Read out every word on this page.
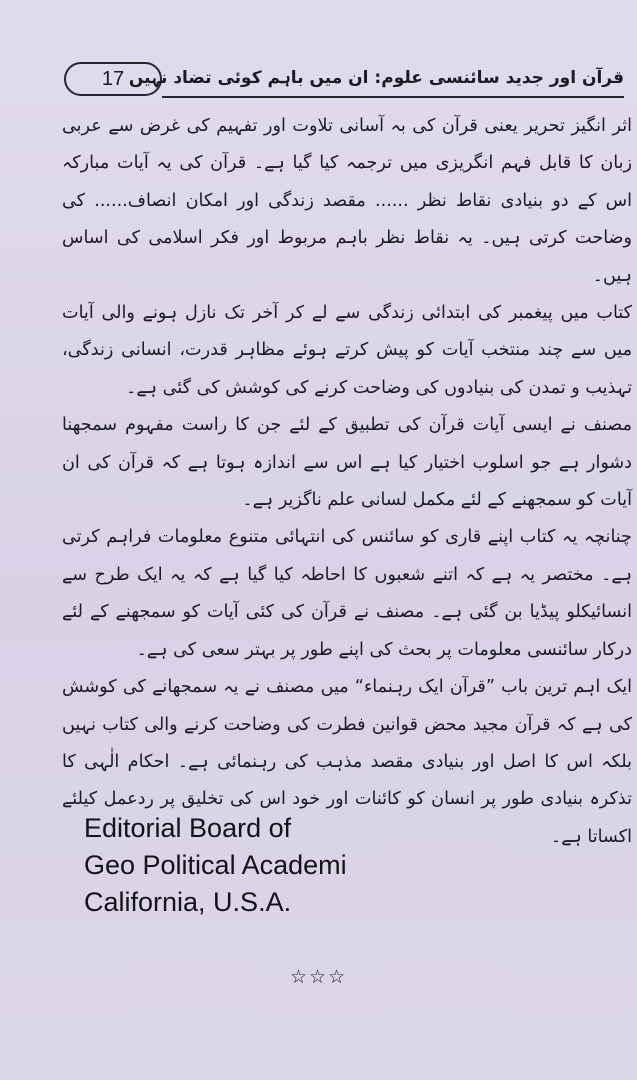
17 قرآن اور جدید سائنسی علوم: ان میں باہم کوئی تضاد نہیں

اثر انگیز تحریر یعنی قرآن کی بہ آسانی تلاوت اور تفہیم کی غرض سے عربی زبان کا قابل فہم انگریزی میں ترجمہ کیا گیا ہے۔ قرآن کی یہ آیات مبارکہ اس کے دو بنیادی نقاط نظر ...... مقصد زندگی اور امکان انصاف...... کی وضاحت کرتی ہیں۔ یہ نقاط نظر باہم مربوط اور فکر اسلامی کی اساس ہیں۔

کتاب میں پیغمبر کی ابتدائی زندگی سے لے کر آخر تک نازل ہونے والی آیات میں سے چند منتخب آیات کو پیش کرتے ہوئے مظاہر قدرت، انسانی زندگی، تہذیب و تمدن کی بنیادوں کی وضاحت کرنے کی کوشش کی گئی ہے۔

مصنف نے ایسی آیات قرآن کی تطبیق کے لئے جن کا راست مفہوم سمجھنا دشوار ہے جو اسلوب اختیار کیا ہے اس سے اندازہ ہوتا ہے کہ قرآن کی ان آیات کو سمجھنے کے لئے مکمل لسانی علم ناگزیر ہے۔

چنانچہ یہ کتاب اپنے قاری کو سائنس کی انتہائی متنوع معلومات فراہم کرتی ہے۔ مختصر یہ ہے کہ اتنے شعبوں کا احاطہ کیا گیا ہے کہ یہ ایک طرح سے انسائیکلو پیڈیا بن گئی ہے۔ مصنف نے قرآن کی کئی آیات کو سمجھنے کے لئے درکار سائنسی معلومات پر بحث کی اپنے طور پر بہتر سعی کی ہے۔

ایک اہم ترین باب ”قرآن ایک رہنماء“ میں مصنف نے یہ سمجھانے کی کوشش کی ہے کہ قرآن مجید محض قوانین فطرت کی وضاحت کرنے والی کتاب نہیں بلکہ اس کا اصل اور بنیادی مقصد مذہب کی رہنمائی ہے۔ احکام الٰہی کا تذکرہ بنیادی طور پر انسان کو کائنات اور خود اس کی تخلیق پر ردعمل کیلئے اکساتا ہے۔

Editorial Board of
Geo Political Academi
California, U.S.A.
☆☆☆
